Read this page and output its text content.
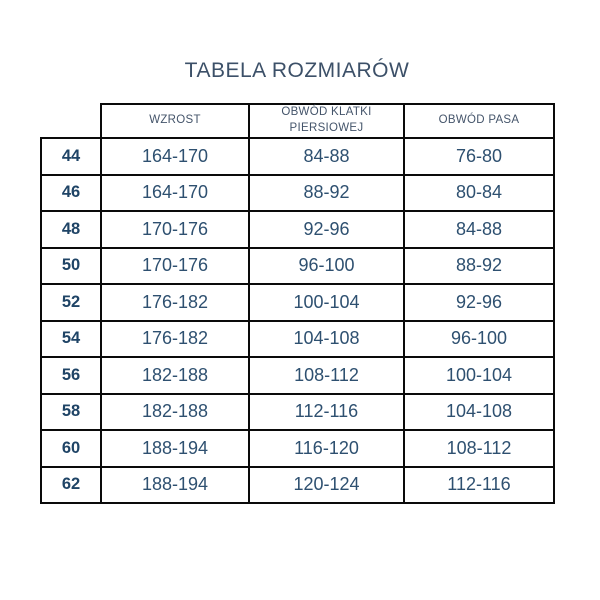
TABELA ROZMIARÓW
	WZROST	OBWÓD KLATKI PIERSIOWEJ	OBWÓD PASA
44	164-170	84-88	76-80
46	164-170	88-92	80-84
48	170-176	92-96	84-88
50	170-176	96-100	88-92
52	176-182	100-104	92-96
54	176-182	104-108	96-100
56	182-188	108-112	100-104
58	182-188	112-116	104-108
60	188-194	116-120	108-112
62	188-194	120-124	112-116
